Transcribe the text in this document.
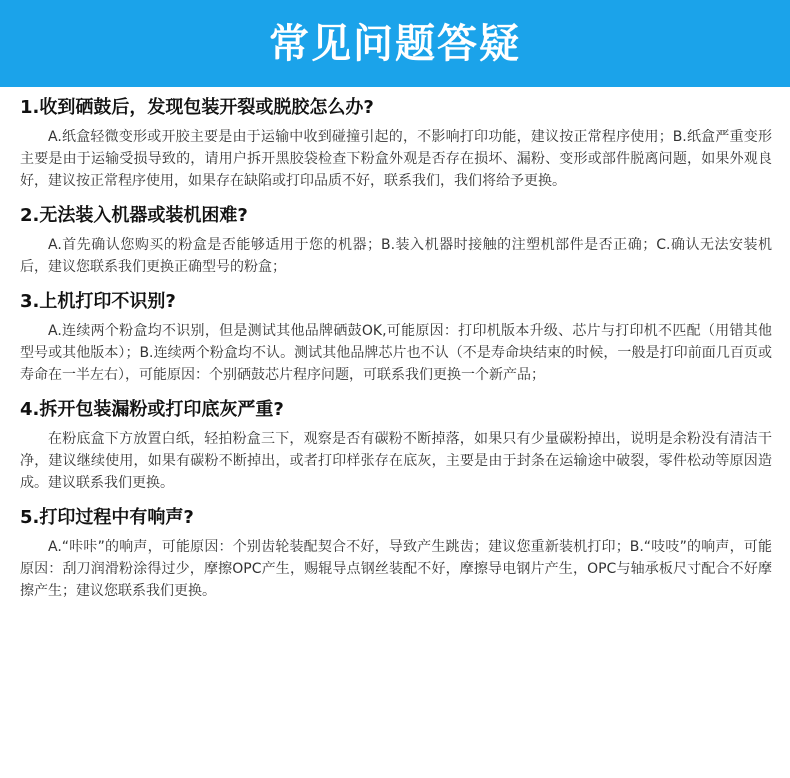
常见问题答疑
1.收到硒鼓后，发现包装开裂或脱胶怎么办?

A.纸盒轻微变形或开胶主要是由于运输中收到碰撞引起的，不影响打印功能，建议按正常程序使用；B.纸盒严重变形主要是由于运输受损导致的，请用户拆开黑胶袋检查下粉盒外观是否存在损坏、漏粉、变形或部件脱离问题，如果外观良好，建议按正常程序使用，如果存在缺陷或打印品质不好，联系我们，我们将给予更换。

2.无法装入机器或装机困难?

A.首先确认您购买的粉盒是否能够适用于您的机器；B.装入机器时接触的注塑机部件是否正确；C.确认无法安装机后，建议您联系我们更换正确型号的粉盒；

3.上机打印不识别?

A.连续两个粉盒均不识别，但是测试其他品牌硒鼓OK,可能原因：打印机版本升级、芯片与打印机不匹配（用错其他型号或其他版本）；B.连续两个粉盒均不认。测试其他品牌芯片也不认（不是寿命块结束的时候，一般是打印前面几百页或寿命在一半左右），可能原因：个别硒鼓芯片程序问题，可联系我们更换一个新产品；

4.拆开包装漏粉或打印底灰严重?

在粉底盒下方放置白纸，轻拍粉盒三下，观察是否有碳粉不断掉落，如果只有少量碳粉掉出，说明是余粉没有清洁干净，建议继续使用，如果有碳粉不断掉出，或者打印样张存在底灰，主要是由于封条在运输途中破裂，零件松动等原因造成。建议联系我们更换。

5.打印过程中有响声?

A.“咔咔”的响声，可能原因：个别齿轮装配契合不好，导致产生跳齿；建议您重新装机打印；B.“吱吱”的响声，可能原因：刮刀润滑粉涂得过少，摩擦OPC产生，赐辊导点钢丝装配不好，摩擦导电钢片产生，OPC与轴承板尺寸配合不好摩擦产生；建议您联系我们更换。
